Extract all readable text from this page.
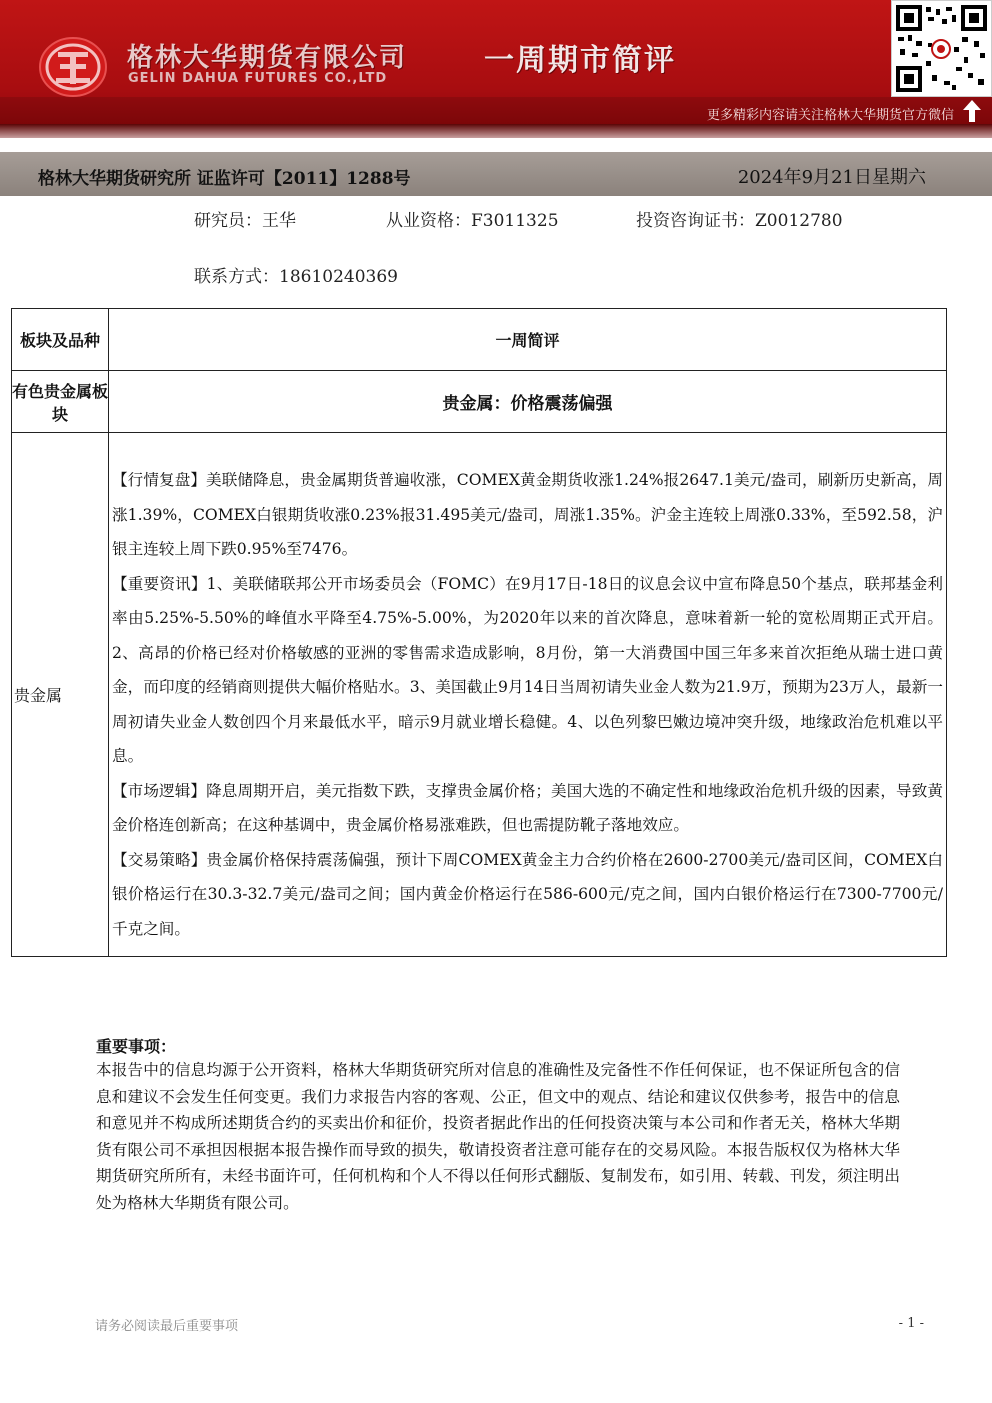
格林大华期货有限公司
GELIN DAHUA FUTURES CO.,LTD
一周期市简评
更多精彩内容请关注格林大华期货官方微信
格林大华期货研究所 证监许可【2011】1288号	2024年9月21日星期六
研究员：王华	从业资格：F3011325	投资咨询证书：Z0012780
联系方式：18610240369
板块及品种	一周简评
有色贵金属板块	贵金属：价格震荡偏强
贵金属	【行情复盘】美联储降息，贵金属期货普遍收涨，COMEX黄金期货收涨1.24%报2647.1美元/盎司，刷新历史新高，周涨1.39%，COMEX白银期货收涨0.23%报31.495美元/盎司，周涨1.35%。沪金主连较上周涨0.33%，至592.58，沪银主连较上周下跌0.95%至7476。

【重要资讯】1、美联储联邦公开市场委员会（FOMC）在9月17日-18日的议息会议中宣布降息50个基点，联邦基金利率由5.25%-5.50%的峰值水平降至4.75%-5.00%，为2020年以来的首次降息，意味着新一轮的宽松周期正式开启。2、高昂的价格已经对价格敏感的亚洲的零售需求造成影响，8月份，第一大消费国中国三年多来首次拒绝从瑞士进口黄金，而印度的经销商则提供大幅价格贴水。3、美国截止9月14日当周初请失业金人数为21.9万，预期为23万人，最新一周初请失业金人数创四个月来最低水平，暗示9月就业增长稳健。4、以色列黎巴嫩边境冲突升级，地缘政治危机难以平息。

【市场逻辑】降息周期开启，美元指数下跌，支撑贵金属价格；美国大选的不确定性和地缘政治危机升级的因素，导致黄金价格连创新高；在这种基调中，贵金属价格易涨难跌，但也需提防靴子落地效应。

【交易策略】贵金属价格保持震荡偏强，预计下周COMEX黄金主力合约价格在2600-2700美元/盎司区间，COMEX白银价格运行在30.3-32.7美元/盎司之间；国内黄金价格运行在586-600元/克之间，国内白银价格运行在7300-7700元/千克之间。

重要事项：
本报告中的信息均源于公开资料，格林大华期货研究所对信息的准确性及完备性不作任何保证，也不保证所包含的信息和建议不会发生任何变更。我们力求报告内容的客观、公正，但文中的观点、结论和建议仅供参考，报告中的信息和意见并不构成所述期货合约的买卖出价和征价，投资者据此作出的任何投资决策与本公司和作者无关，格林大华期货有限公司不承担因根据本报告操作而导致的损失，敬请投资者注意可能存在的交易风险。本报告版权仅为格林大华期货研究所所有，未经书面许可，任何机构和个人不得以任何形式翻版、复制发布，如引用、转载、刊发，须注明出处为格林大华期货有限公司。
请务必阅读最后重要事项	- 1 -
